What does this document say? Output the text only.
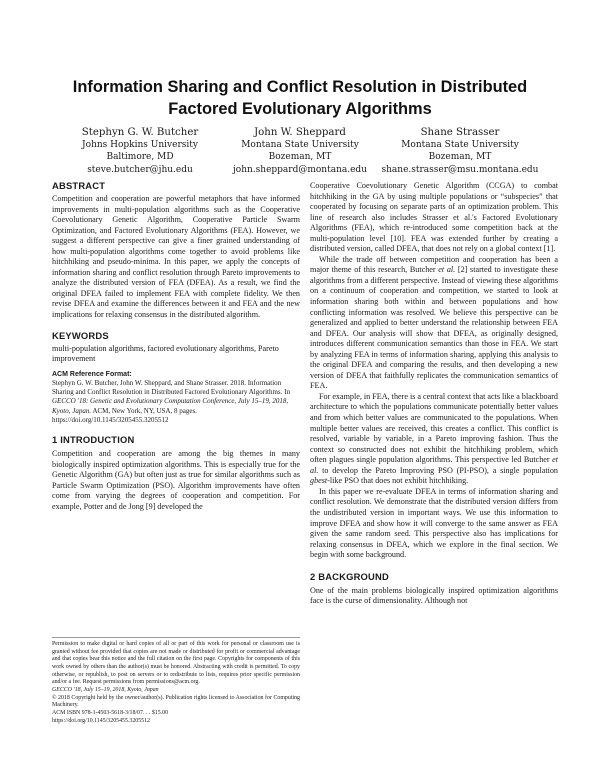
Information Sharing and Conflict Resolution in Distributed
Factored Evolutionary Algorithms
Stephyn G. W. Butcher
Johns Hopkins University
Baltimore, MD
steve.butcher@jhu.edu
John W. Sheppard
Montana State University
Bozeman, MT
john.sheppard@montana.edu
Shane Strasser
Montana State University
Bozeman, MT
shane.strasser@msu.montana.edu
ABSTRACT

Competition and cooperation are powerful metaphors that have informed improvements in multi-population algorithms such as the Cooperative Coevolutionary Genetic Algorithm, Cooperative Particle Swarm Optimization, and Factored Evolutionary Algorithms (FEA). However, we suggest a different perspective can give a finer grained understanding of how multi-population algorithms come together to avoid problems like hitchhiking and pseudo-minima. In this paper, we apply the concepts of information sharing and conflict resolution through Pareto improvements to analyze the distributed version of FEA (DFEA). As a result, we find the original DFEA failed to implement FEA with complete fidelity. We then revise DFEA and examine the differences between it and FEA and the new implications for relaxing consensus in the distributed algorithm.

KEYWORDS

multi-population algorithms, factored evolutionary algorithms, Pareto improvement

ACM Reference Format:
Stephyn G. W. Butcher, John W. Sheppard, and Shane Strasser. 2018. Information Sharing and Conflict Resolution in Distributed Factored Evolutionary Algorithms. In GECCO '18: Genetic and Evolutionary Computation Conference, July 15–19, 2018, Kyoto, Japan. ACM, New York, NY, USA, 8 pages. https://doi.org/10.1145/3205455.3205512
1 INTRODUCTION

Competition and cooperation are among the big themes in many biologically inspired optimization algorithms. This is especially true for the Genetic Algorithm (GA) but often just as true for similar algorithms such as Particle Swarm Optimization (PSO). Algorithm improvements have often come from varying the degrees of cooperation and competition. For example, Potter and de Jong [9] developed the

Permission to make digital or hard copies of all or part of this work for personal or classroom use is granted without fee provided that copies are not made or distributed for profit or commercial advantage and that copies bear this notice and the full citation on the first page. Copyrights for components of this work owned by others than the author(s) must be honored. Abstracting with credit is permitted. To copy otherwise, or republish, to post on servers or to redistribute to lists, requires prior specific permission and/or a fee. Request permissions from permissions@acm.org.
GECCO '18, July 15–19, 2018, Kyoto, Japan
© 2018 Copyright held by the owner/author(s). Publication rights licensed to Association for Computing Machinery.
ACM ISBN 978-1-4503-5618-3/18/07. . . $15.00
https://doi.org/10.1145/3205455.3205512

Cooperative Coevolutionary Genetic Algorithm (CCGA) to combat hitchhiking in the GA by using multiple populations or “subspecies” that cooperated by focusing on separate parts of an optimization problem. This line of research also includes Strasser et al.'s Factored Evolutionary Algorithms (FEA), which re-introduced some competition back at the multi-population level [10]. FEA was extended further by creating a distributed version, called DFEA, that does not rely on a global context [1].

While the trade off between competition and cooperation has been a major theme of this research, Butcher et al. [2] started to investigate these algorithms from a different perspective. Instead of viewing these algorithms on a continuum of cooperation and competition, we started to look at information sharing both within and between populations and how conflicting information was resolved. We believe this perspective can be generalized and applied to better understand the relationship between FEA and DFEA. Our analysis will show that DFEA, as originally designed, introduces different communication semantics than those in FEA. We start by analyzing FEA in terms of information sharing, applying this analysis to the original DFEA and comparing the results, and then developing a new version of DFEA that faithfully replicates the communication semantics of FEA.

For example, in FEA, there is a central context that acts like a blackboard architecture to which the populations communicate potentially better values and from which better values are communicated to the populations. When multiple better values are received, this creates a conflict. This conflict is resolved, variable by variable, in a Pareto improving fashion. Thus the context so constructed does not exhibit the hitchhiking problem, which often plagues single population algorithms. This perspective led Butcher et al. to develop the Pareto Improving PSO (PI-PSO), a single population gbest-like PSO that does not exhibit hitchhiking.

In this paper we re-evaluate DFEA in terms of information sharing and conflict resolution. We demonstrate that the distributed version differs from the undistributed version in important ways. We use this information to improve DFEA and show how it will converge to the same answer as FEA given the same random seed. This perspective also has implications for relaxing consensus in DFEA, which we explore in the final section. We begin with some background.

2 BACKGROUND

One of the main problems biologically inspired optimization algorithms face is the curse of dimensionality. Although not
